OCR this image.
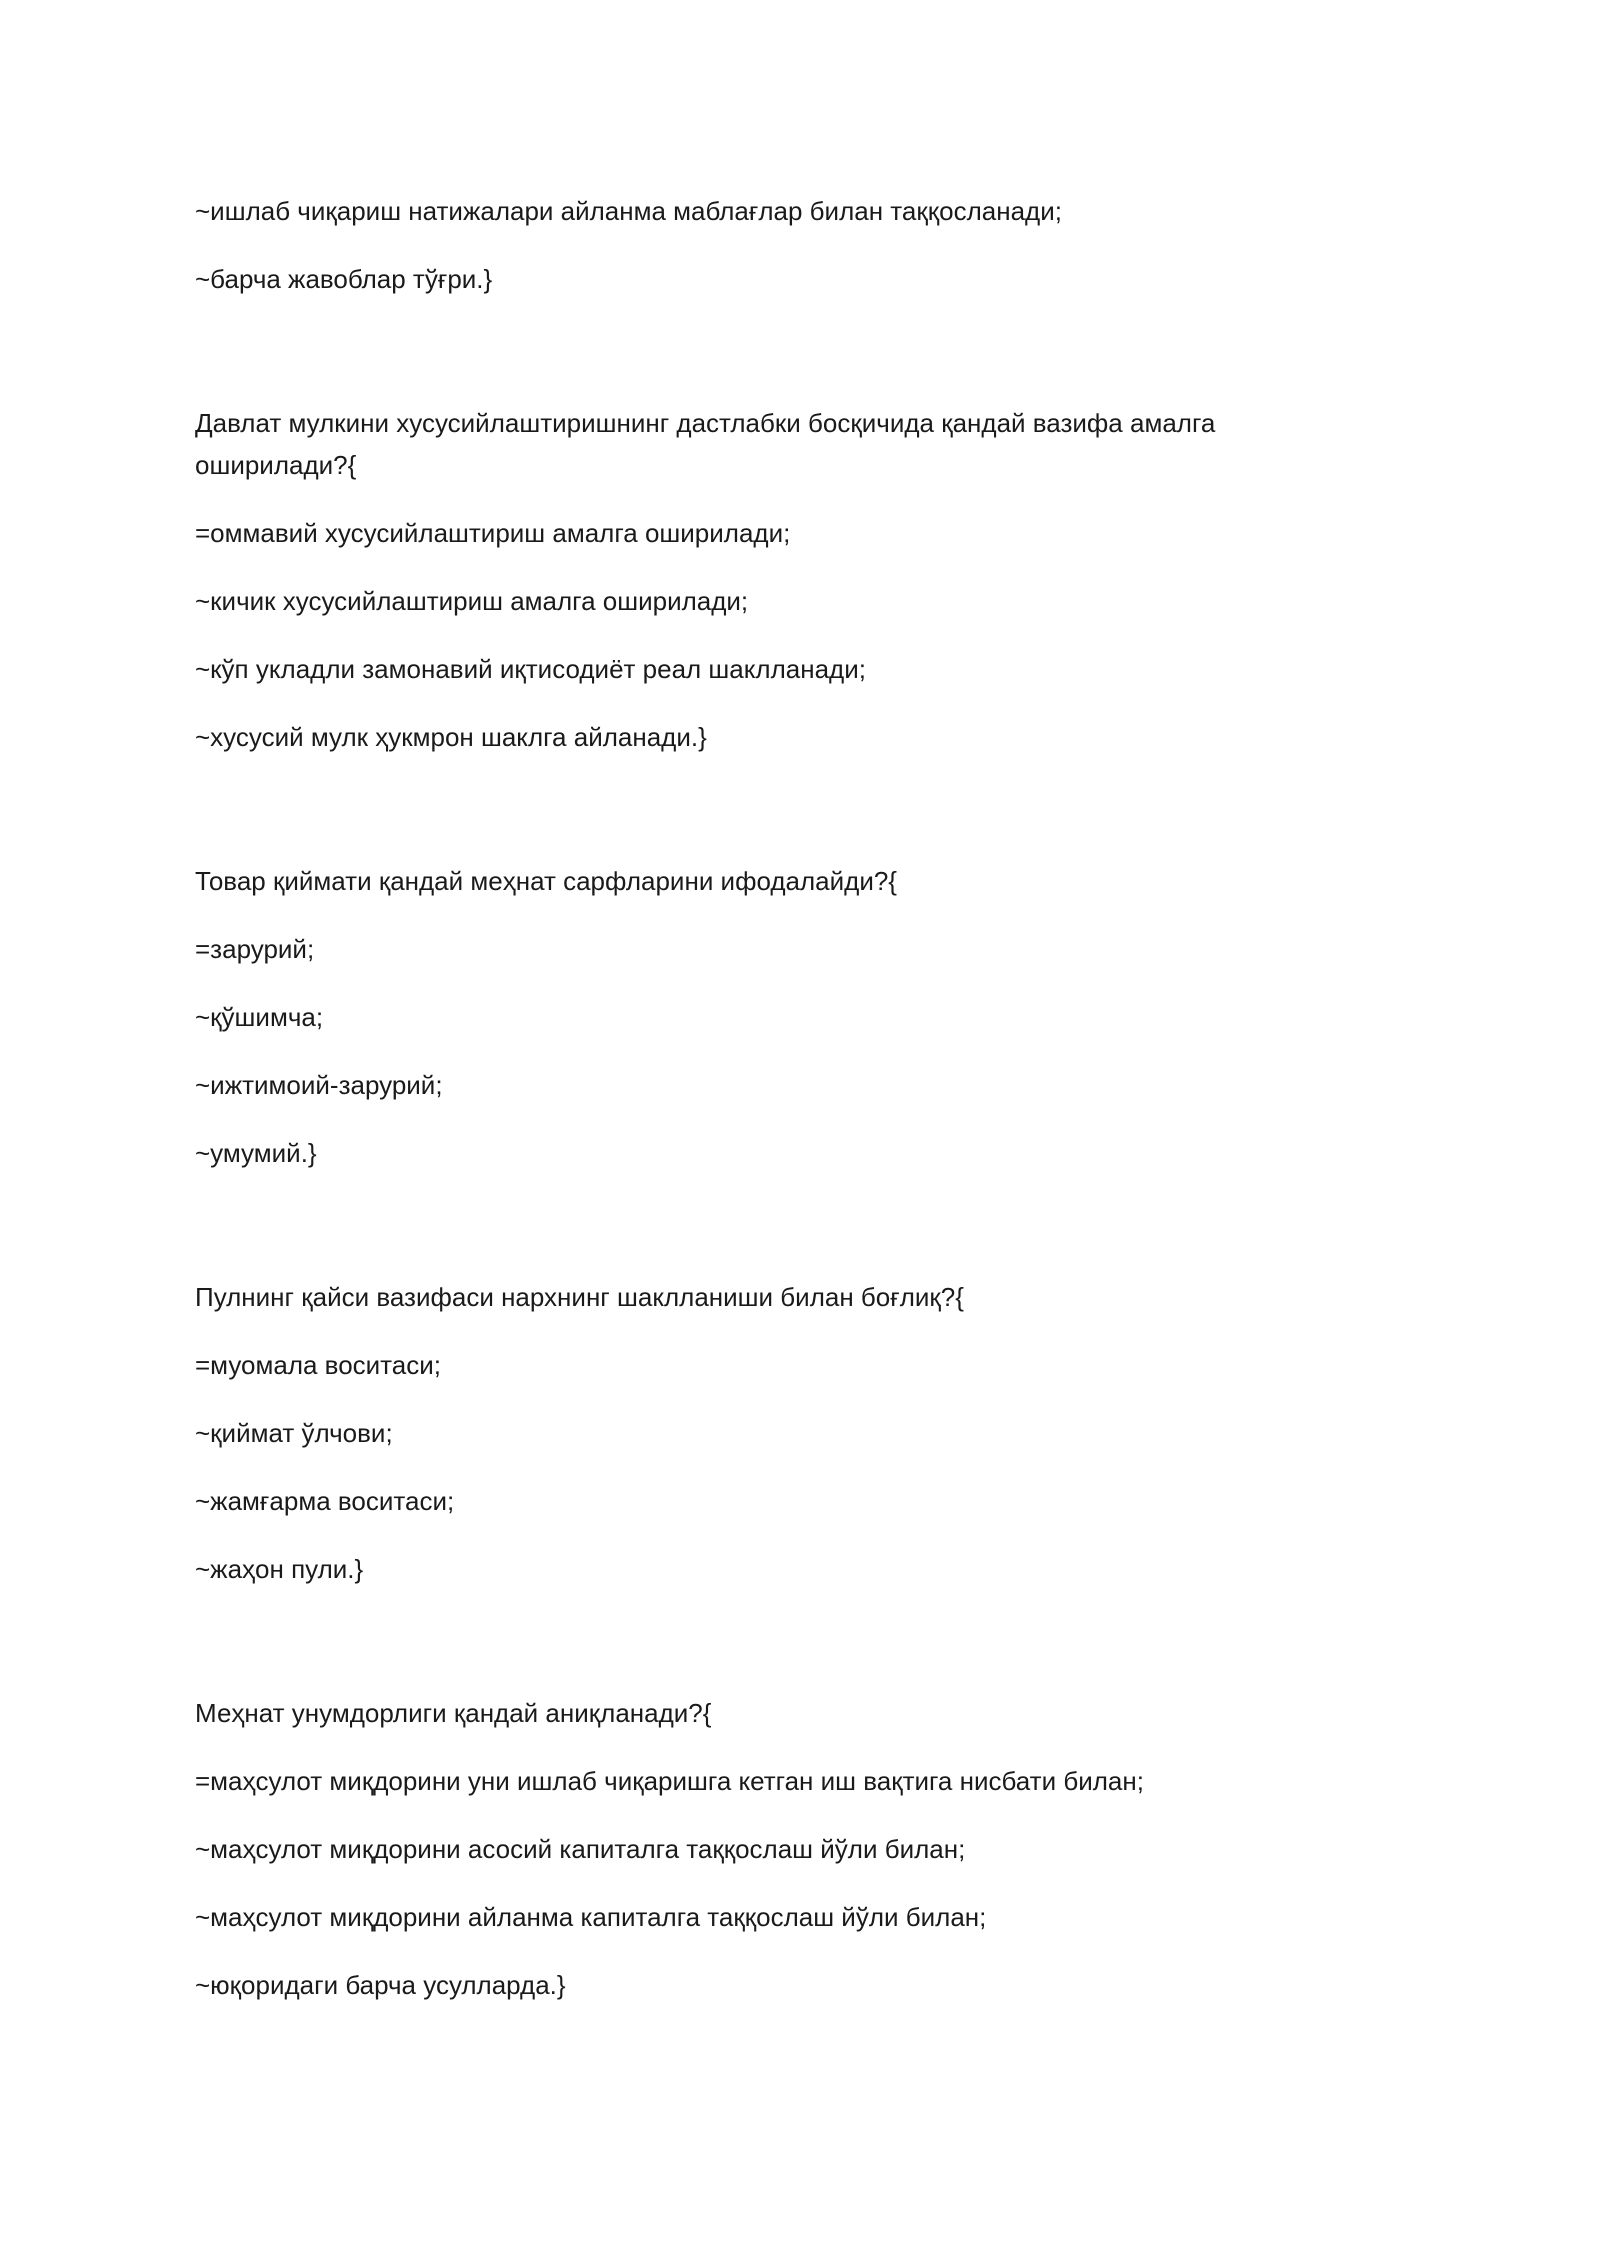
~ишлаб чиқариш натижалари айланма маблағлар билан таққосланади;

~барча жавоблар тўғри.}

Давлат мулкини хусусийлаштиришнинг дастлабки босқичида қандай вазифа амалга оширилади?{

=оммавий хусусийлаштириш амалга оширилади;

~кичик хусусийлаштириш амалга оширилади;

~кўп укладли замонавий иқтисодиёт реал шаклланади;

~хусусий мулк ҳукмрон шаклга айланади.}

Товар қиймати қандай меҳнат сарфларини ифодалайди?{

=зарурий;

~қўшимча;

~ижтимоий-зарурий;

~умумий.}

Пулнинг қайси вазифаси нархнинг шаклланиши билан боғлиқ?{

=муомала воситаси;

~қиймат ўлчови;

~жамғарма воситаси;

~жаҳон пули.}

Меҳнат унумдорлиги қандай аниқланади?{

=маҳсулот миқдорини уни ишлаб чиқаришга кетган иш вақтига нисбати билан;

~маҳсулот миқдорини асосий капиталга таққослаш йўли билан;

~маҳсулот миқдорини айланма капиталга таққослаш йўли билан;

~юқоридаги барча усулларда.}
